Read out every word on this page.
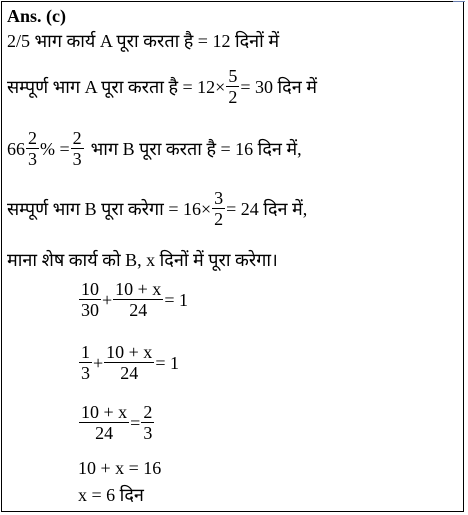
Ans. (c)
2/5 भाग कार्य A पूरा करता है = 12 दिनों में
सम्पूर्ण भाग A पूरा करता है = $12\times \frac{5}{2} = 30$ दिन में
$66 \frac{2}{3}$ % = $\frac{2}{3}$ भाग B पूरा करता है = 16 दिन में,
सम्पूर्ण भाग B पूरा करेगा = $16\times \frac{3}{2} = 24$ दिन में,
माना शेष कार्य को B, x दिनों में पूरा करेगा।
$\frac{10}{30} + \frac{10 + x}{24} = 1$
$\frac{1}{3} + \frac{10 + x}{24} = 1$
$\frac{10 + x}{24} = \frac{2}{3}$
10 + x = 16
x = 6 दिन
